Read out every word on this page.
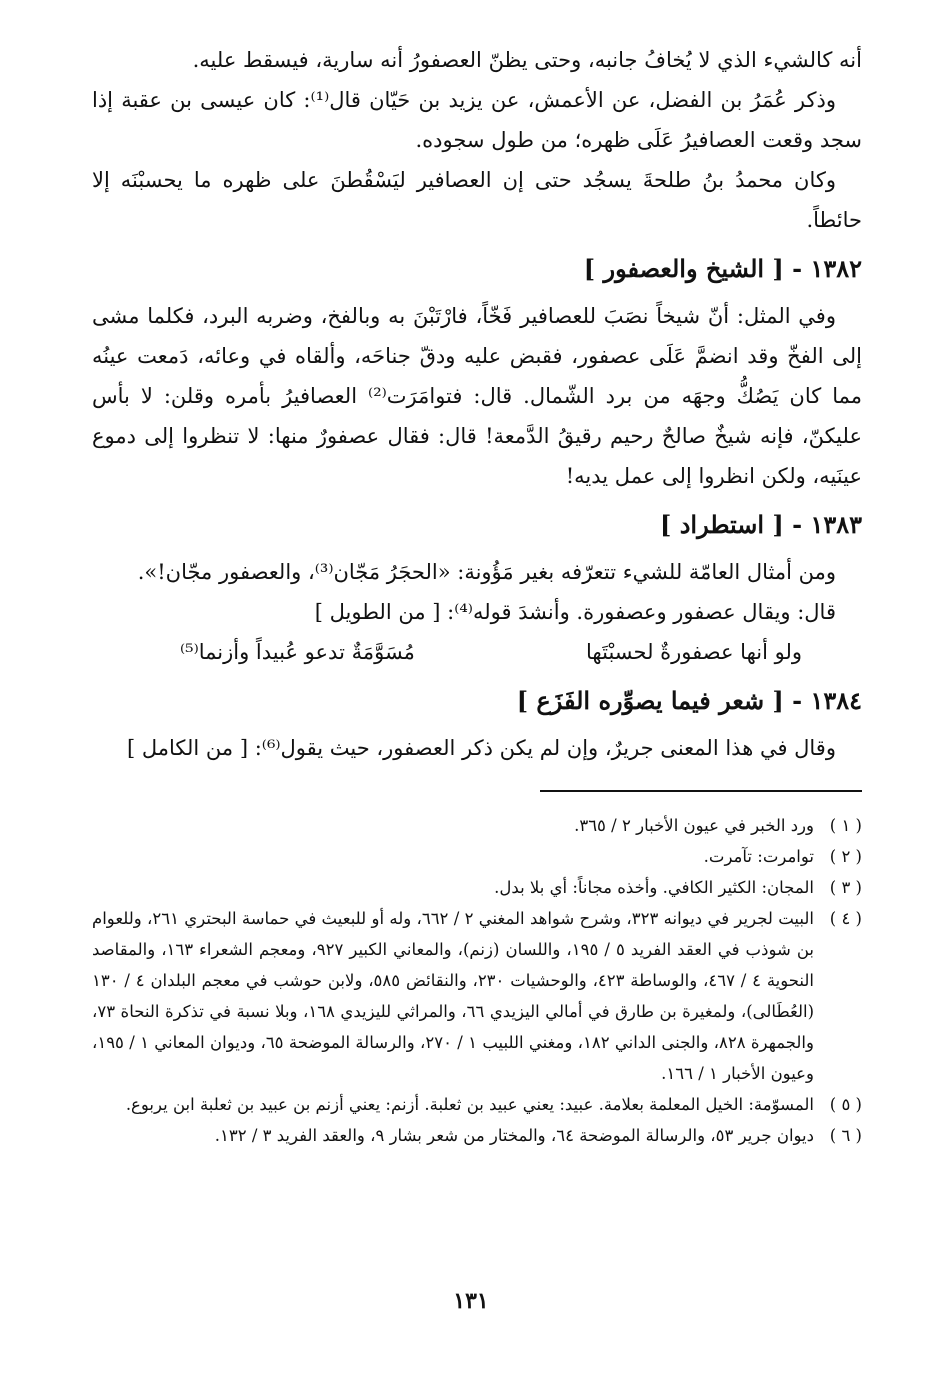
أنه كالشيء الذي لا يُخافُ جانبه، وحتى يظنّ العصفورُ أنه سارية، فيسقط عليه.

وذكر عُمَرُ بن الفضل، عن الأعمش، عن يزيد بن حَيّان قال⁽¹⁾: كان عيسى بن عقبة إذا سجد وقعت العصافيرُ عَلَى ظهره؛ من طول سجوده.

وكان محمدُ بنُ طلحةَ يسجُد حتى إن العصافير ليَسْقُطنَ على ظهره ما يحسبْنَه إلا حائطاً.

١٣٨٢ - [ الشيخ والعصفور ]

وفي المثل: أنّ شيخاً نصَبَ للعصافير فَخّاً، فارْتَبْنَ به وبالفخ، وضربه البرد، فكلما مشى إلى الفخّ وقد انضمَّ عَلَى عصفور، فقبض عليه ودقّ جناحَه، وألقاه في وعائه، دَمعت عينُه مما كان يَصُكُّ وجهَه من برد الشّمال. قال: فتوامَرَت⁽²⁾ العصافيرُ بأمره وقلن: لا بأس عليكنّ، فإنه شيخٌ صالحٌ رحيم رقيقُ الدَّمعة! قال: فقال عصفورٌ منها: لا تنظروا إلى دموع عينَيه، ولكن انظروا إلى عمل يديه!

١٣٨٣ - [ استطراد ]

ومن أمثال العامّة للشيء تتعرّفه بغير مَؤُونة: «الحجَرُ مَجّان⁽³⁾، والعصفور مجّان!».

قال: ويقال عصفور وعصفورة. وأنشدَ قوله⁽⁴⁾: [ من الطويل ]

ولو أنها عصفورةٌ لحسبْتَها
مُسَوَّمَةٌ تدعو عُبيداً وأزنما⁽⁵⁾
١٣٨٤ - [ شعر فيما يصوِّره الفَزَع ]

وقال في هذا المعنى جريرٌ، وإن لم يكن ذكر العصفور، حيث يقول⁽⁶⁾: [ من الكامل ]

( ١ )
ورد الخبر في عيون الأخبار ٢ / ٣٦٥.
( ٢ )
توامرت: تآمرت.
( ٣ )
المجان: الكثير الكافي. وأخذه مجاناً: أي بلا بدل.
( ٤ )
البيت لجرير في ديوانه ٣٢٣، وشرح شواهد المغني ٢ / ٦٦٢، وله أو للبعيث في حماسة البحتري ٢٦١، وللعوام بن شوذب في العقد الفريد ٥ / ١٩٥، واللسان (زنم)، والمعاني الكبير ٩٢٧، ومعجم الشعراء ١٦٣، والمقاصد النحوية ٤ / ٤٦٧، والوساطة ٤٢٣، والوحشيات ٢٣٠، والنقائض ٥٨٥، ولابن حوشب في معجم البلدان ٤ / ١٣٠ (العُطَالى)، ولمغيرة بن طارق في أمالي اليزيدي ٦٦، والمراثي لليزيدي ١٦٨، وبلا نسبة في تذكرة النحاة ٧٣، والجمهرة ٨٢٨، والجنى الداني ١٨٢، ومغني اللبيب ١ / ٢٧٠، والرسالة الموضحة ٦٥، وديوان المعاني ١ / ١٩٥، وعيون الأخبار ١ / ١٦٦.
( ٥ )
المسوّمة: الخيل المعلمة بعلامة. عبيد: يعني عبيد بن ثعلبة. أزنم: يعني أزنم بن عبيد بن ثعلبة ابن يربوع.
( ٦ )
ديوان جرير ٥٣، والرسالة الموضحة ٦٤، والمختار من شعر بشار ٩، والعقد الفريد ٣ / ١٣٢.
١٣١
